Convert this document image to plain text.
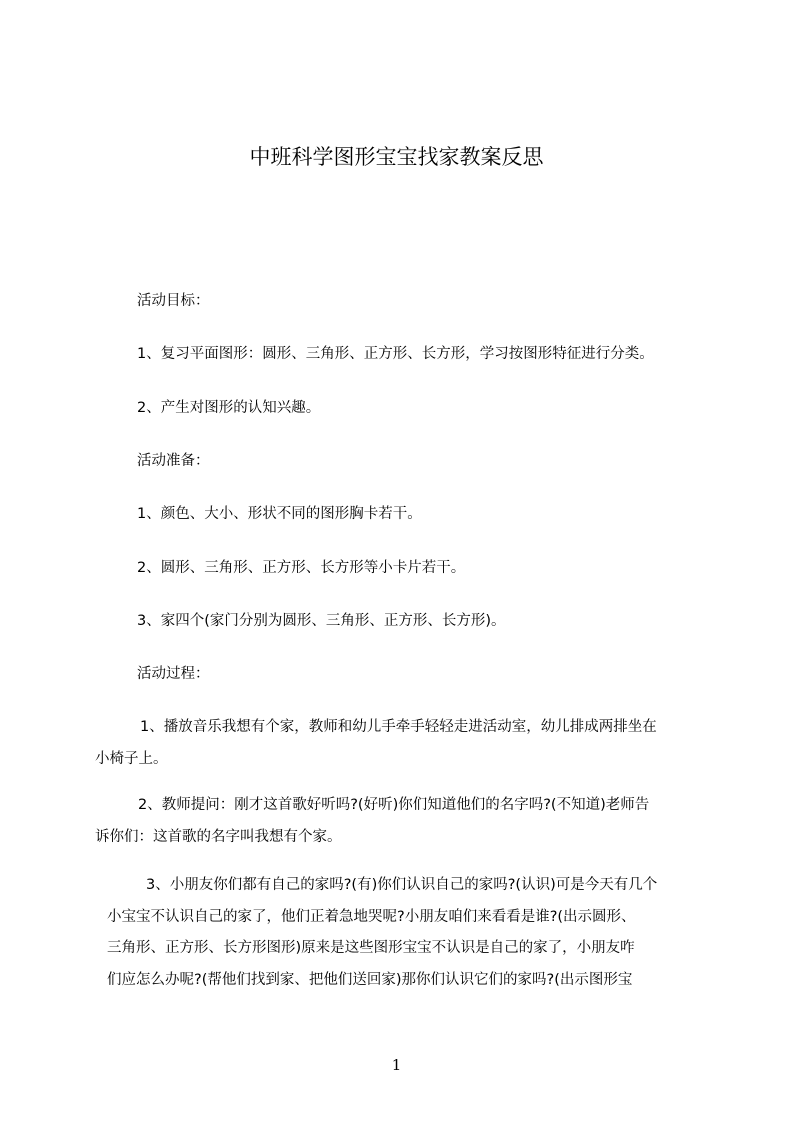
中班科学图形宝宝找家教案反思

活动目标：

1、复习平面图形：圆形、三角形、正方形、长方形，学习按图形特征进行分类。

2、产生对图形的认知兴趣。

活动准备：

1、颜色、大小、形状不同的图形胸卡若干。

2、圆形、三角形、正方形、长方形等小卡片若干。

3、家四个(家门分别为圆形、三角形、正方形、长方形)。

活动过程：

1、播放音乐我想有个家，教师和幼儿手牵手轻轻走进活动室，幼儿排成两排坐在
小椅子上。
2、教师提问：刚才这首歌好听吗?(好听)你们知道他们的名字吗?(不知道)老师告
诉你们：这首歌的名字叫我想有个家。
3、小朋友你们都有自己的家吗?(有)你们认识自己的家吗?(认识)可是今天有几个
小宝宝不认识自己的家了，他们正着急地哭呢?小朋友咱们来看看是谁?(出示圆形、
三角形、正方形、长方形图形)原来是这些图形宝宝不认识是自己的家了，小朋友咋
们应怎么办呢?(帮他们找到家、把他们送回家)那你们认识它们的家吗?(出示图形宝
1
